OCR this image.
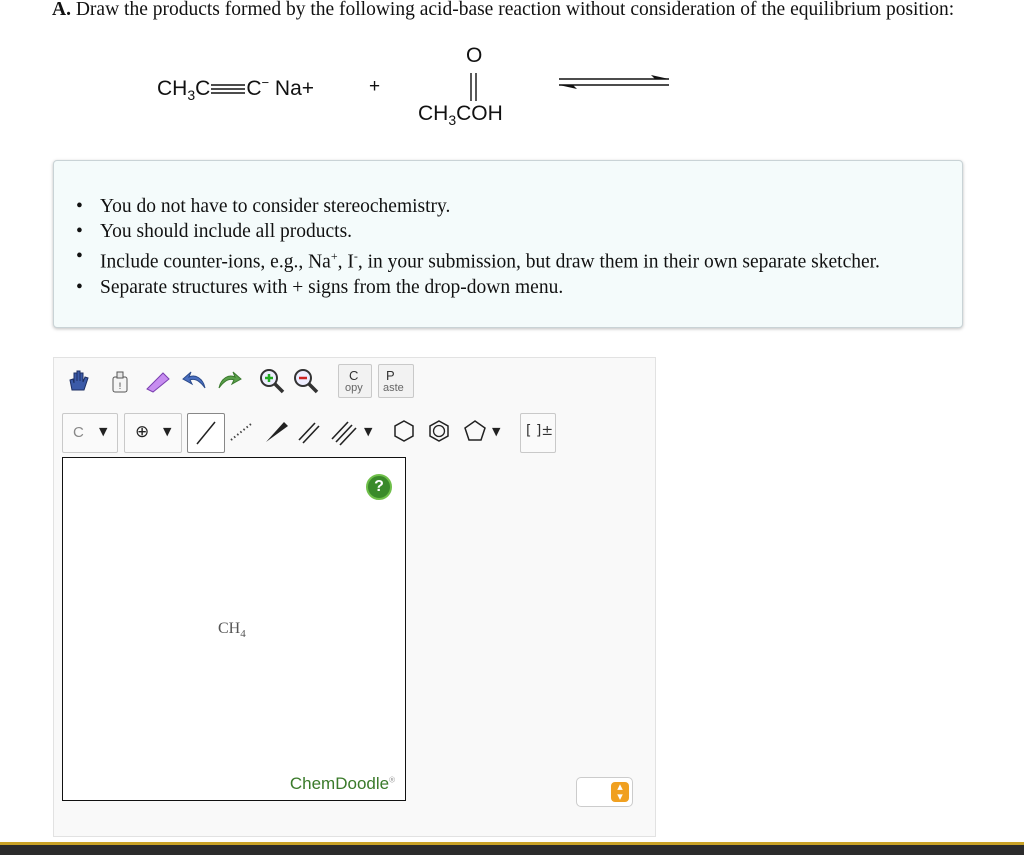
A. Draw the products formed by the following acid-base reaction without consideration of the equilibrium position:
$CH_3C$ C− Na+	+
O
$CH_3COH$
• You do not have to consider stereochemistry.
• You should include all products.
• Include counter-ions, e.g., Na+, I-, in your submission, but draw them in their own separate sketcher.
• Separate structures with + signs from the drop-down menu.
!
C
opy
P
aste
C ▼ ⊕ ▼	▼	▼ [ ]±
?
$CH_4$
ChemDoodle®
▴
▾
